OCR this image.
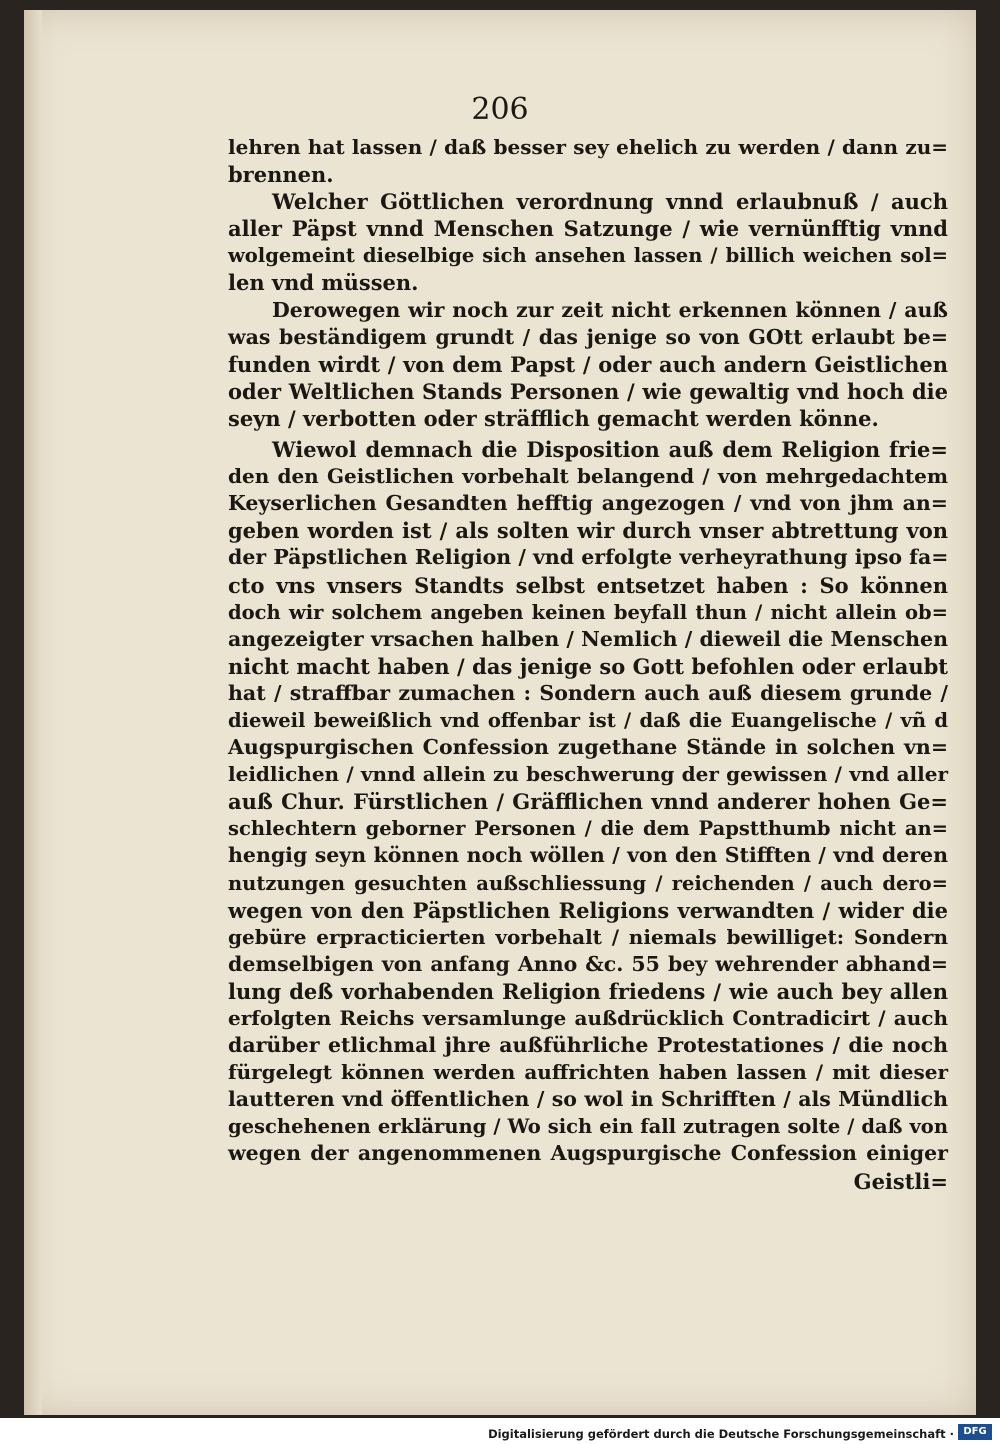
206
lehren hat lassen / daß besser sey ehelich zu werden / dann zu=
brennen.
Welcher Göttlichen verordnung vnnd erlaubnuß / auch
aller Päpst vnnd Menschen Satzunge / wie vernünfftig vnnd
wolgemeint dieselbige sich ansehen lassen / billich weichen sol=
len vnd müssen.
Derowegen wir noch zur zeit nicht erkennen können / auß
was beständigem grundt / das jenige so von GOtt erlaubt be=
funden wirdt / von dem Papst / oder auch andern Geistlichen
oder Weltlichen Stands Personen / wie gewaltig vnd hoch die
seyn / verbotten oder sträfflich gemacht werden könne.
Wiewol demnach die Disposition auß dem Religion frie=
den den Geistlichen vorbehalt belangend / von mehrgedachtem
Keyserlichen Gesandten hefftig angezogen / vnd von jhm an=
geben worden ist / als solten wir durch vnser abtrettung von
der Päpstlichen Religion / vnd erfolgte verheyrathung ipso fa=
cto vns vnsers Standts selbst entsetzet haben : So können
doch wir solchem angeben keinen beyfall thun / nicht allein ob=
angezeigter vrsachen halben / Nemlich / dieweil die Menschen
nicht macht haben / das jenige so Gott befohlen oder erlaubt
hat / straffbar zumachen : Sondern auch auß diesem grunde /
dieweil beweißlich vnd offenbar ist / daß die Euangelische / vñ d
Augspurgischen Confession zugethane Stände in solchen vn=
leidlichen / vnnd allein zu beschwerung der gewissen / vnd aller
auß Chur. Fürstlichen / Gräfflichen vnnd anderer hohen Ge=
schlechtern geborner Personen / die dem Papstthumb nicht an=
hengig seyn können noch wöllen / von den Stifften / vnd deren
nutzungen gesuchten außschliessung / reichenden / auch dero=
wegen von den Päpstlichen Religions verwandten / wider die
gebüre erpracticierten vorbehalt / niemals bewilliget: Sondern
demselbigen von anfang Anno &c. 55 bey wehrender abhand=
lung deß vorhabenden Religion friedens / wie auch bey allen
erfolgten Reichs versamlunge außdrücklich Contradicirt / auch
darüber etlichmal jhre außführliche Protestationes / die noch
fürgelegt können werden auffrichten haben lassen / mit dieser
lautteren vnd öffentlichen / so wol in Schrifften / als Mündlich
geschehenen erklärung / Wo sich ein fall zutragen solte / daß von
wegen der angenommenen Augspurgische Confession einiger
Geistli=
Digitalisierung gefördert durch die Deutsche Forschungsgemeinschaft · DFG
